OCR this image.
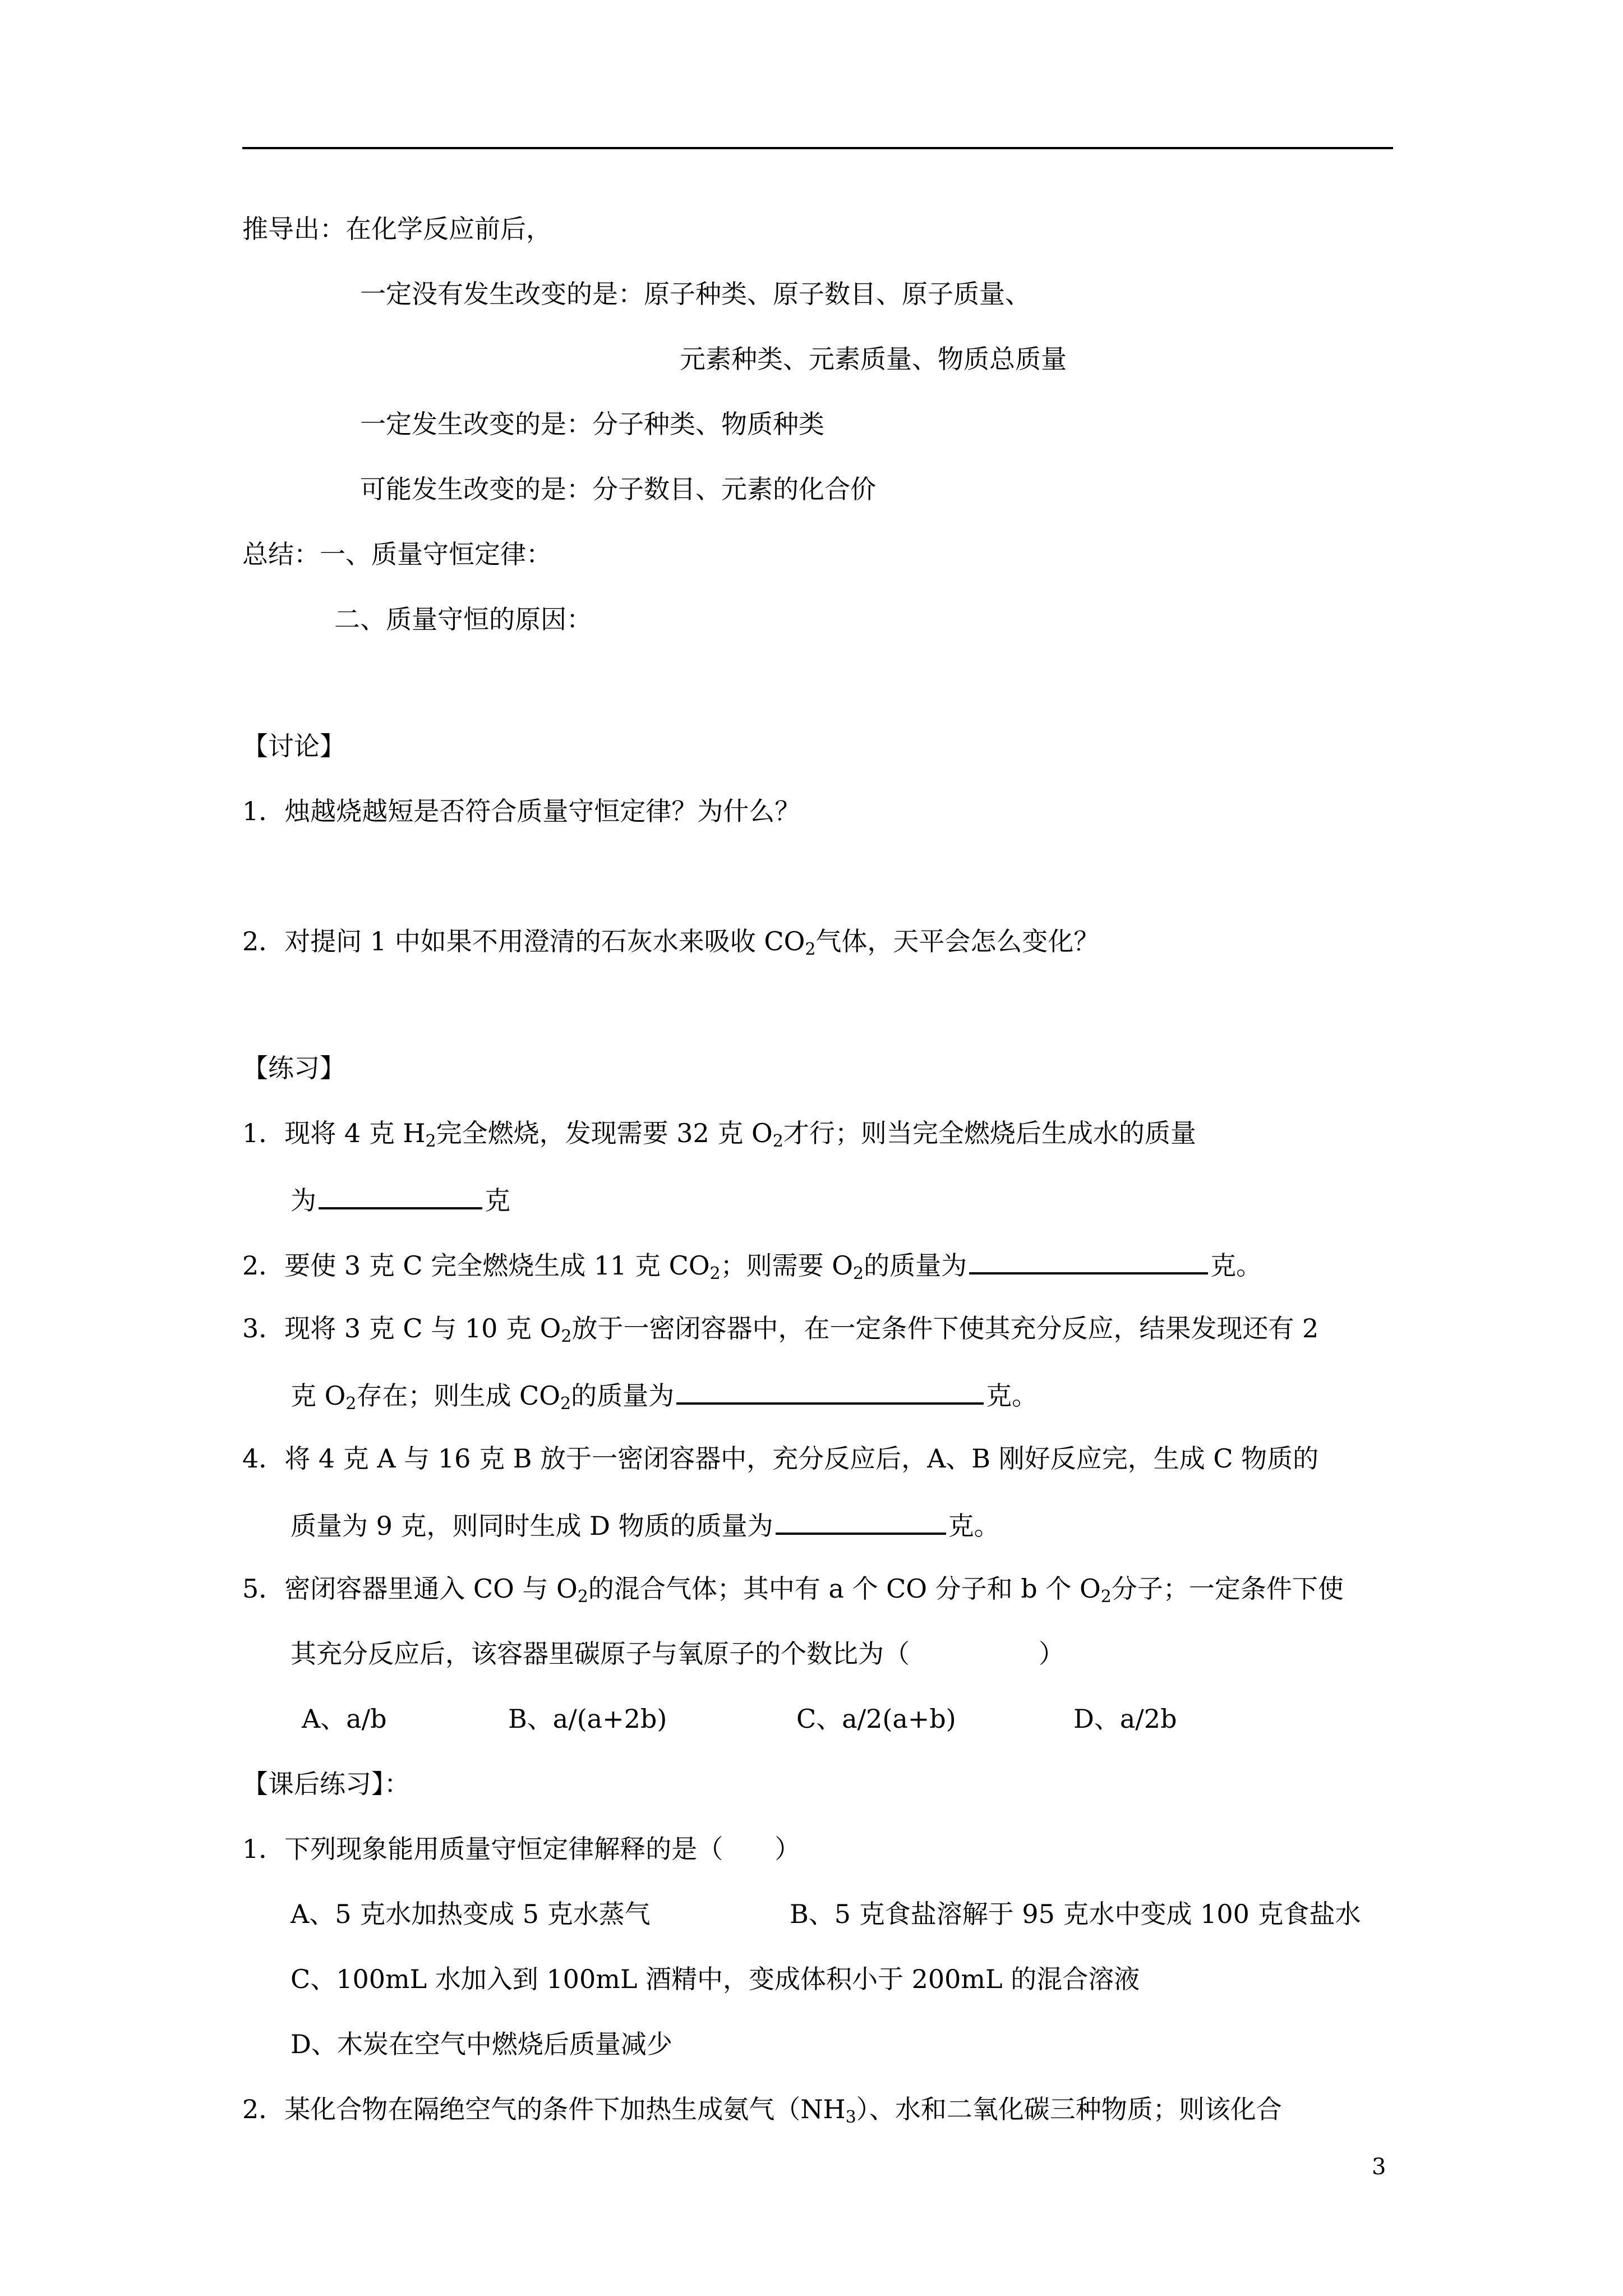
推导出：在化学反应前后，
一定没有发生改变的是：原子种类、原子数目、原子质量、
元素种类、元素质量、物质总质量
一定发生改变的是：分子种类、物质种类
可能发生改变的是：分子数目、元素的化合价
总结：一、质量守恒定律：
二、质量守恒的原因：
【讨论】
1．烛越烧越短是否符合质量守恒定律？为什么？
2．对提问 1 中如果不用澄清的石灰水来吸收 $CO_2$气体，天平会怎么变化？
【练习】
1．现将 4 克 $H_2$完全燃烧，发现需要 32 克 $O_2$才行；则当完全燃烧后生成水的质量
为	克
2．要使 3 克 C 完全燃烧生成 11 克 $CO_2$；则需要 $O_2$的质量为	克。
3．现将 3 克 C 与 10 克 $O_2$放于一密闭容器中，在一定条件下使其充分反应，结果发现还有 2
克 $O_2$存在；则生成 $CO_2$的质量为	克。
4．将 4 克 A 与 16 克 B 放于一密闭容器中，充分反应后，A、B 刚好反应完，生成 C 物质的
质量为 9 克，则同时生成 D 物质的质量为	克。
5．密闭容器里通入 CO 与 $O_2$的混合气体；其中有 a 个 CO 分子和 b 个 $O_2$分子；一定条件下使
其充分反应后，该容器里碳原子与氧原子的个数比为（　　　　　）
A、a/b	B、a/(a+2b)	C、a/2(a+b)	D、a/2b
【课后练习】：
1．下列现象能用质量守恒定律解释的是（　　）
A、5 克水加热变成 5 克水蒸气	B、5 克食盐溶解于 95 克水中变成 100 克食盐水
C、100mL 水加入到 100mL 酒精中，变成体积小于 200mL 的混合溶液
D、木炭在空气中燃烧后质量减少
2．某化合物在隔绝空气的条件下加热生成氨气$(NH_3)$、水和二氧化碳三种物质；则该化合
3
